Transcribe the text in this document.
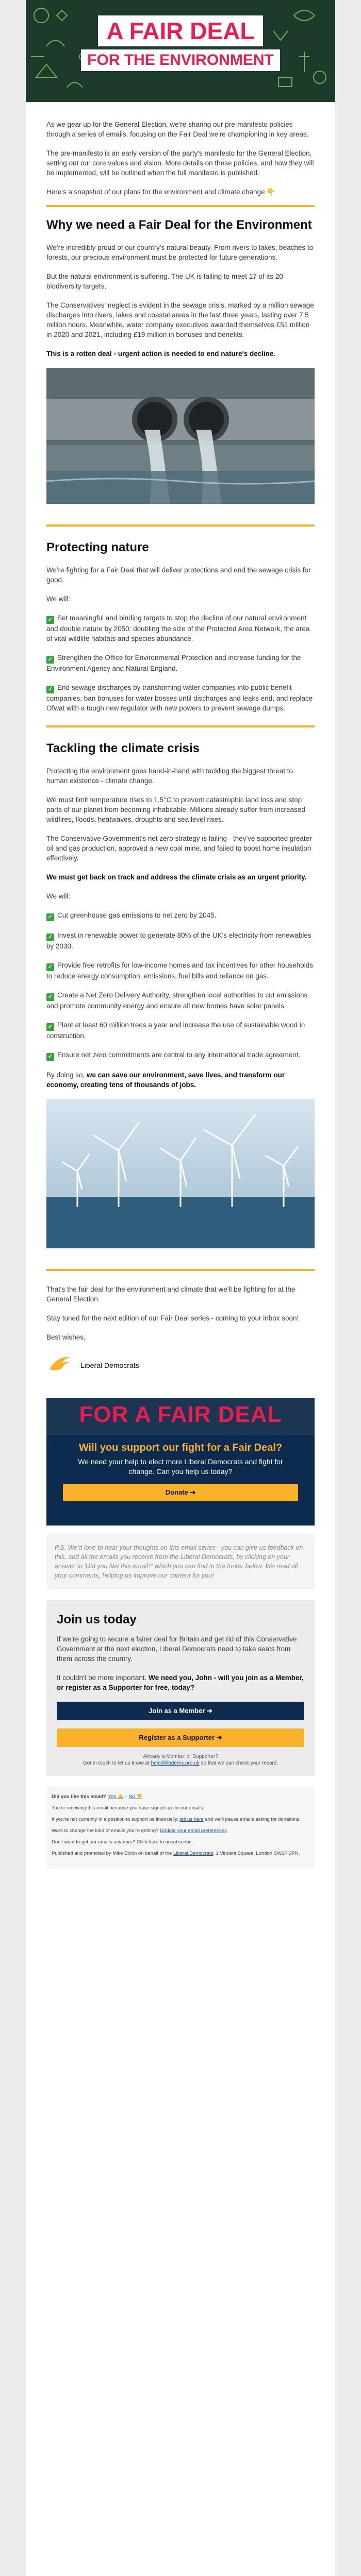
A FAIR DEAL
FOR THE ENVIRONMENT

As we gear up for the General Election, we're sharing our pre-manifesto policies through a series of emails, focusing on the Fair Deal we're championing in key areas.

The pre-manifesto is an early version of the party's manifesto for the General Election, setting out our core values and vision. More details on these policies, and how they will be implemented, will be outlined when the full manifesto is published.

Here's a snapshot of our plans for the environment and climate change 👇

Why we need a Fair Deal for the Environment

We're incredibly proud of our country's natural beauty. From rivers to lakes, beaches to forests, our precious environment must be protected for future generations.

But the natural environment is suffering. The UK is failing to meet 17 of its 20 biodiversity targets.

The Conservatives' neglect is evident in the sewage crisis, marked by a million sewage discharges into rivers, lakes and coastal areas in the last three years, lasting over 7.5 million hours. Meanwhile, water company executives awarded themselves £51 million in 2020 and 2021, including £19 million in bonuses and benefits.

This is a rotten deal - urgent action is needed to end nature's decline.

Protecting nature

We're fighting for a Fair Deal that will deliver protections and end the sewage crisis for good.

We will:

✓ Set meaningful and binding targets to stop the decline of our natural environment and double nature by 2050: doubling the size of the Protected Area Network, the area of vital wildlife habitats and species abundance.

✓ Strengthen the Office for Environmental Protection and increase funding for the Environment Agency and Natural England.

✓ End sewage discharges by transforming water companies into public benefit companies, ban bonuses for water bosses until discharges and leaks end, and replace Ofwat with a tough new regulator with new powers to prevent sewage dumps.

Tackling the climate crisis

Protecting the environment goes hand-in-hand with tackling the biggest threat to human existence - climate change.

We must limit temperature rises to 1.5°C to prevent catastrophic land loss and stop parts of our planet from becoming inhabitable. Millions already suffer from increased wildfires, floods, heatwaves, droughts and sea level rises.

The Conservative Government's net zero strategy is failing - they've supported greater oil and gas production, approved a new coal mine, and failed to boost home insulation effectively.

We must get back on track and address the climate crisis as an urgent priority.

We will:

✓ Cut greenhouse gas emissions to net zero by 2045.

✓ Invest in renewable power to generate 80% of the UK's electricity from renewables by 2030.

✓ Provide free retrofits for low-income homes and tax incentives for other households to reduce energy consumption, emissions, fuel bills and reliance on gas.

✓ Create a Net Zero Delivery Authority, strengthen local authorities to cut emissions and promote community energy and ensure all new homes have solar panels.

✓ Plant at least 60 million trees a year and increase the use of sustainable wood in construction.

✓ Ensure net zero commitments are central to any international trade agreement.

By doing so, we can save our environment, save lives, and transform our economy, creating tens of thousands of jobs.

That's the fair deal for the environment and climate that we'll be fighting for at the General Election.

Stay tuned for the next edition of our Fair Deal series - coming to your inbox soon!

Best wishes,

Liberal Democrats
FOR A FAIR DEAL
Will you support our fight for a Fair Deal?
We need your help to elect more Liberal Democrats and fight for change. Can you help us today?
Donate ➜
P.S. We'd love to hear your thoughts on this email series - you can give us feedback on this, and all the emails you receive from the Liberal Democrats, by clicking on your answer to 'Did you like this email?' which you can find in the footer below. We read all your comments, helping us improve our content for you!
Join us today

If we're going to secure a fairer deal for Britain and get rid of this Conservative Government at the next election, Liberal Democrats need to take seats from them across the country.

It couldn't be more important. We need you, John - will you join as a Member, or register as a Supporter for free, today?

Join as a Member ➜
Register as a Supporter ➜
Already a Member or Supporter?
Get in touch to let us know at help@libdems.org.uk so that we can check your record.

Did you like this email? Yes 👍 - No 👎

You're receiving this email because you have signed up for our emails.

If you're not currently in a position to support us financially, tell us here and we'll pause emails asking for donations.

Want to change the kind of emails you're getting? Update your email preferences

Don't want to get our emails anymore? Click here to unsubscribe.

Published and promoted by Mike Dixon on behalf of the Liberal Democrats, 1 Vincent Square, London SW1P 2PN.
